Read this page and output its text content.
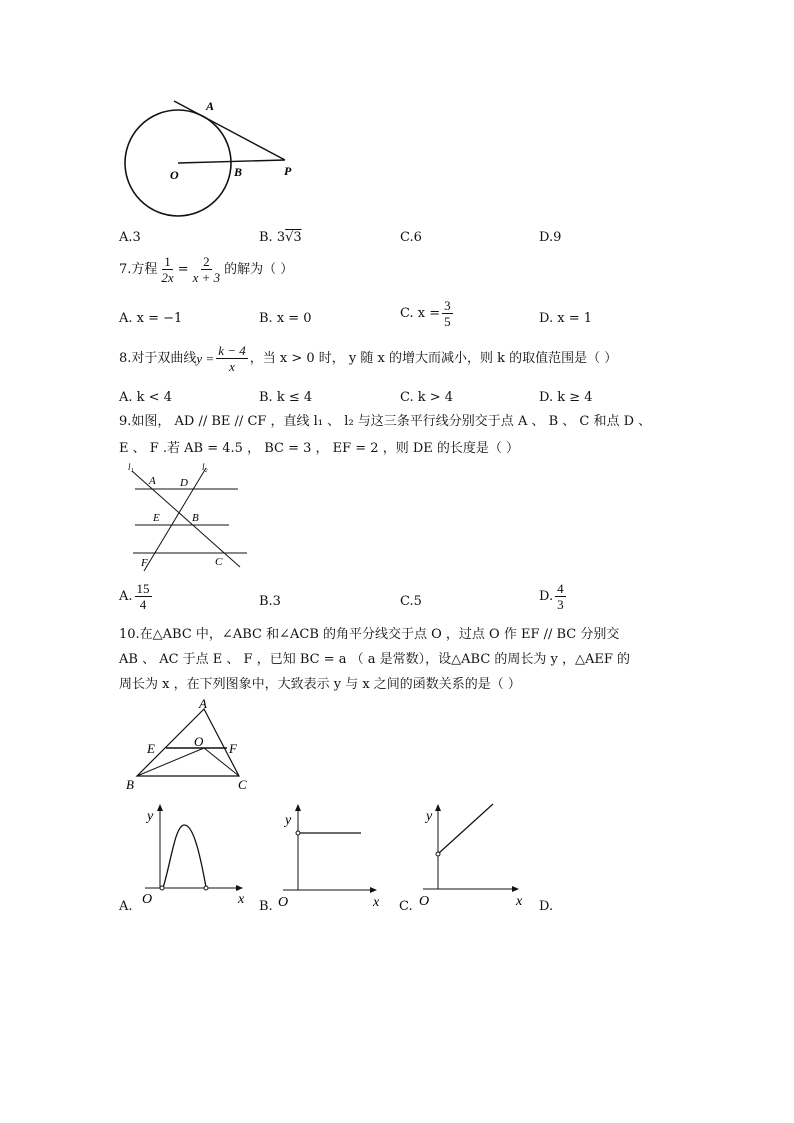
A
O	B	P
A.3	B. 3√3	C.6	D.9
7.方程 $\frac{1}{2x} = \frac{2}{x + 3}$ 的解为（ ）
A. x = −1	B. x = 0	C. $x = \frac{3}{5}$	D. x = 1
8.对于双曲线 $y = \frac{k - 4}{x}$ ，当 x > 0 时， y 随 x 的增大而减小，则 k 的取值范围是（ ）
A. k < 4	B. k ≤ 4	C. k > 4	D. k ≥ 4
9.如图， AD // BE // CF ，直线 l₁ 、 l₂ 与这三条平行线分别交于点 A 、 B 、 C 和点 D 、
E 、 F .若 AB = 4.5 ， BC = 3 ， EF = 2 ，则 DE 的长度是（ ）
l₁	l₂
A D
E	B
F	C
A. $\frac{15}{4}$	B.3	C.5	D. $\frac{4}{3}$
10.在△ABC 中，∠ABC 和∠ACB 的角平分线交于点 O ，过点 O 作 EF // BC 分别交
AB 、 AC 于点 E 、 F ，已知 BC = a （ a 是常数），设△ABC 的周长为 y ，△AEF 的
周长为 x ，在下列图象中，大致表示 y 与 x 之间的函数关系的是（ ）
A
E	O F
B	C
y
x
O
A.
y
x
O
B.
y
x
O
C.	D.
